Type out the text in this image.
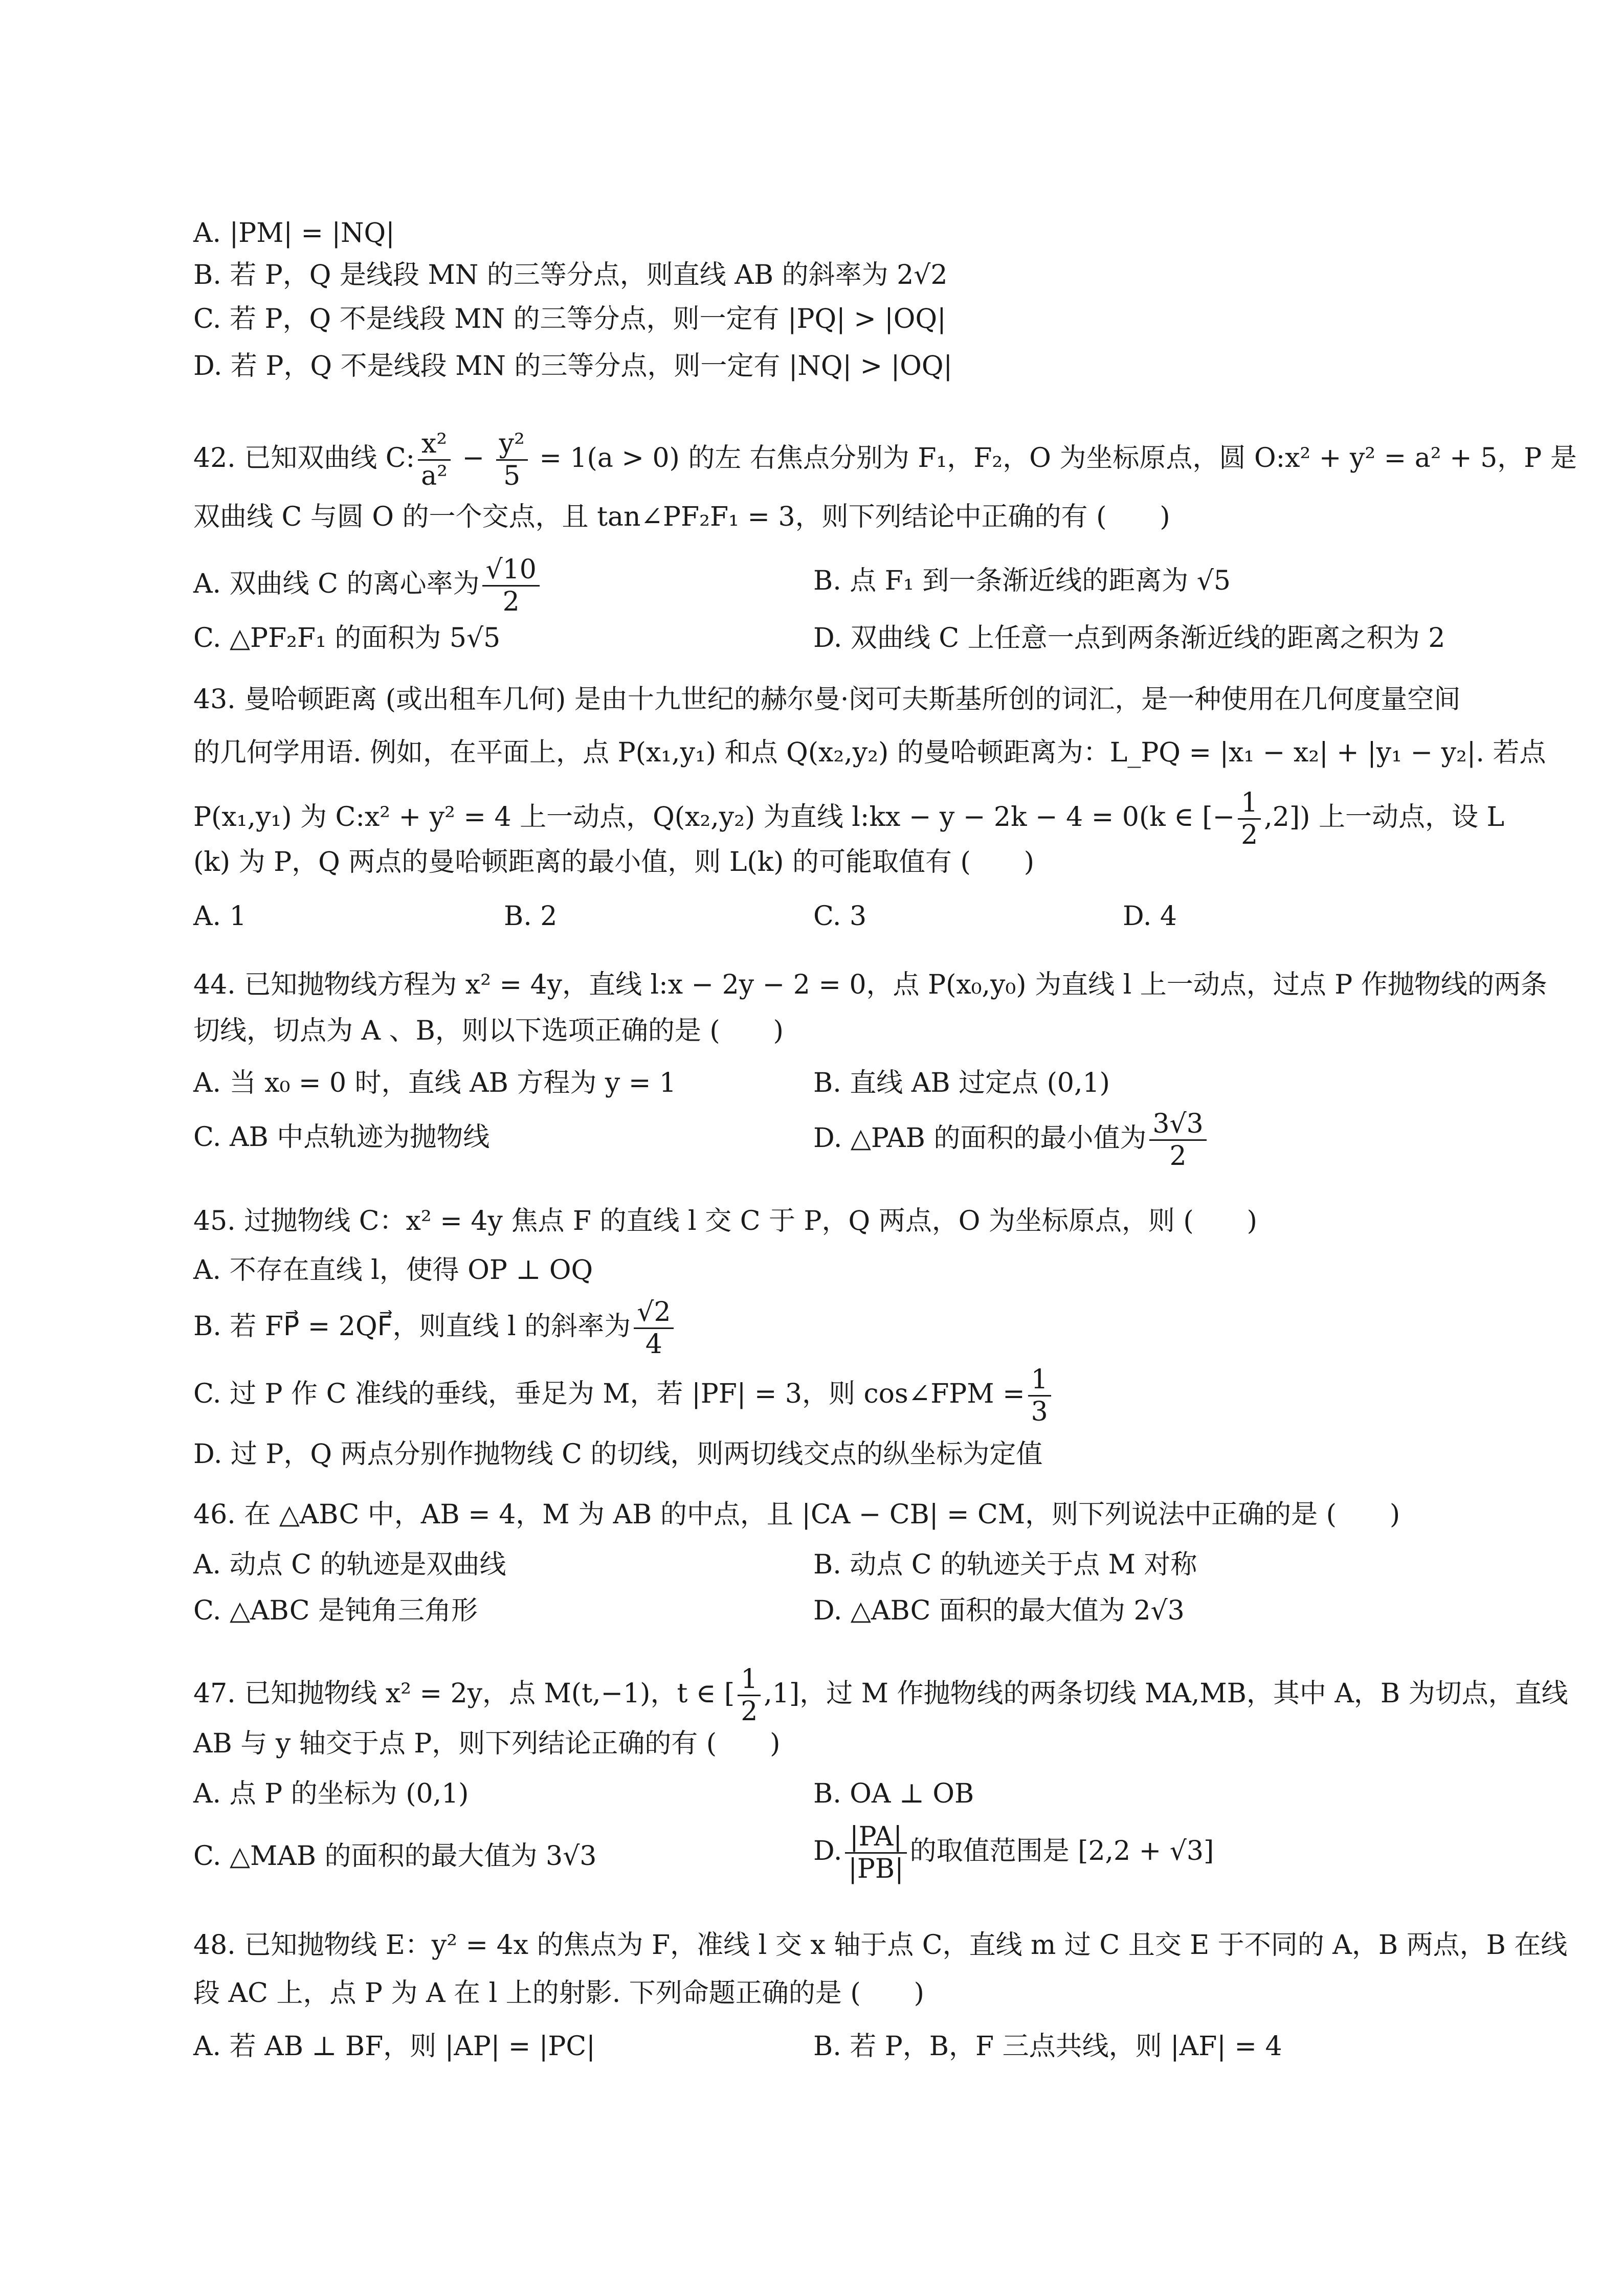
A. |PM| = |NQ|
B. 若 P，Q 是线段 MN 的三等分点，则直线 AB 的斜率为 2√2
C. 若 P，Q 不是线段 MN 的三等分点，则一定有 |PQ| > |OQ|
D. 若 P，Q 不是线段 MN 的三等分点，则一定有 |NQ| > |OQ|
42. 已知双曲线 C: $\frac{\text{x²}}{\text{a²}} - \frac{\text{y²}}{5} = 1(a > 0)$ 的左 右焦点分别为 F₁，F₂，O 为坐标原点，圆 O:x² + y² = a² + 5，P 是
双曲线 C 与圆 O 的一个交点，且 tan∠PF₂F₁ = 3，则下列结论中正确的有 (　　)
A. 双曲线 C 的离心率为 $\frac{√10}{2}$	B. 点 F₁ 到一条渐近线的距离为 √5
C. △PF₂F₁ 的面积为 5√5	D. 双曲线 C 上任意一点到两条渐近线的距离之积为 2
43. 曼哈顿距离 (或出租车几何) 是由十九世纪的赫尔曼·闵可夫斯基所创的词汇，是一种使用在几何度量空间
的几何学用语. 例如，在平面上，点 P(x₁,y₁) 和点 Q(x₂,y₂) 的曼哈顿距离为：L_PQ = |x₁ − x₂| + |y₁ − y₂|. 若点
P(x₁,y₁) 为 C:x² + y² = 4 上一动点，Q(x₂,y₂) 为直线 l:kx − y − 2k − 4 = 0(k ∈ [− $\frac{1}{2} ,2$]) 上一动点，设 L
(k) 为 P，Q 两点的曼哈顿距离的最小值，则 L(k) 的可能取值有 (　　)
A. 1	B. 2	C. 3	D. 4
44. 已知抛物线方程为 x² = 4y，直线 l:x − 2y − 2 = 0，点 P(x₀,y₀) 为直线 l 上一动点，过点 P 作抛物线的两条
切线，切点为 A 、B，则以下选项正确的是 (　　)
A. 当 x₀ = 0 时，直线 AB 方程为 y = 1	B. 直线 AB 过定点 (0,1)
C. AB 中点轨迹为抛物线	D. △PAB 的面积的最小值为 $\frac{3√3}{2}$
45. 过抛物线 C：x² = 4y 焦点 F 的直线 l 交 C 于 P，Q 两点，O 为坐标原点，则 (　　)
A. 不存在直线 l，使得 OP ⊥ OQ
B. 若 FP⃗ = 2QF⃗，则直线 l 的斜率为 $\frac{√2}{4}$
C. 过 P 作 C 准线的垂线，垂足为 M，若 |PF| = 3，则 cos∠FPM = $\frac{1}{3}$
D. 过 P，Q 两点分别作抛物线 C 的切线，则两切线交点的纵坐标为定值
46. 在 △ABC 中，AB = 4，M 为 AB 的中点，且 |CA − CB| = CM，则下列说法中正确的是 (　　)
A. 动点 C 的轨迹是双曲线	B. 动点 C 的轨迹关于点 M 对称
C. △ABC 是钝角三角形	D. △ABC 面积的最大值为 2√3
47. 已知抛物线 x² = 2y，点 M(t,−1)，t ∈ [ $\frac{1}{2} ,1$]，过 M 作抛物线的两条切线 MA,MB，其中 A，B 为切点，直线
AB 与 y 轴交于点 P，则下列结论正确的有 (　　)
A. 点 P 的坐标为 (0,1)	B. OA ⊥ OB
C. △MAB 的面积的最大值为 3√3	D. $\frac{|PA|}{|PB|}$ 的取值范围是 [2,2 + √3]
48. 已知抛物线 E：y² = 4x 的焦点为 F，准线 l 交 x 轴于点 C，直线 m 过 C 且交 E 于不同的 A，B 两点，B 在线
段 AC 上，点 P 为 A 在 l 上的射影. 下列命题正确的是 (　　)
A. 若 AB ⊥ BF，则 |AP| = |PC|	B. 若 P，B，F 三点共线，则 |AF| = 4
